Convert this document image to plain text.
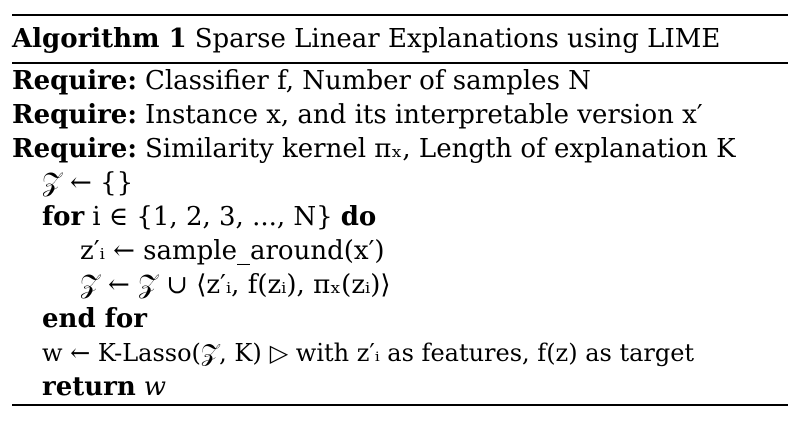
Algorithm 1 Sparse Linear Explanations using LIME
Require: Classifier f, Number of samples N
Require: Instance x, and its interpretable version x′
Require: Similarity kernel πₓ, Length of explanation K
𝒵 ← {}
for i ∈ {1, 2, 3, ..., N} do
z′ᵢ ← sample_around(x′)
𝒵 ← 𝒵 ∪ ⟨z′ᵢ, f(zᵢ), πₓ(zᵢ)⟩
end for
w ← K-Lasso(𝒵, K) ▷ with z′ᵢ as features, f(z) as target
return w
